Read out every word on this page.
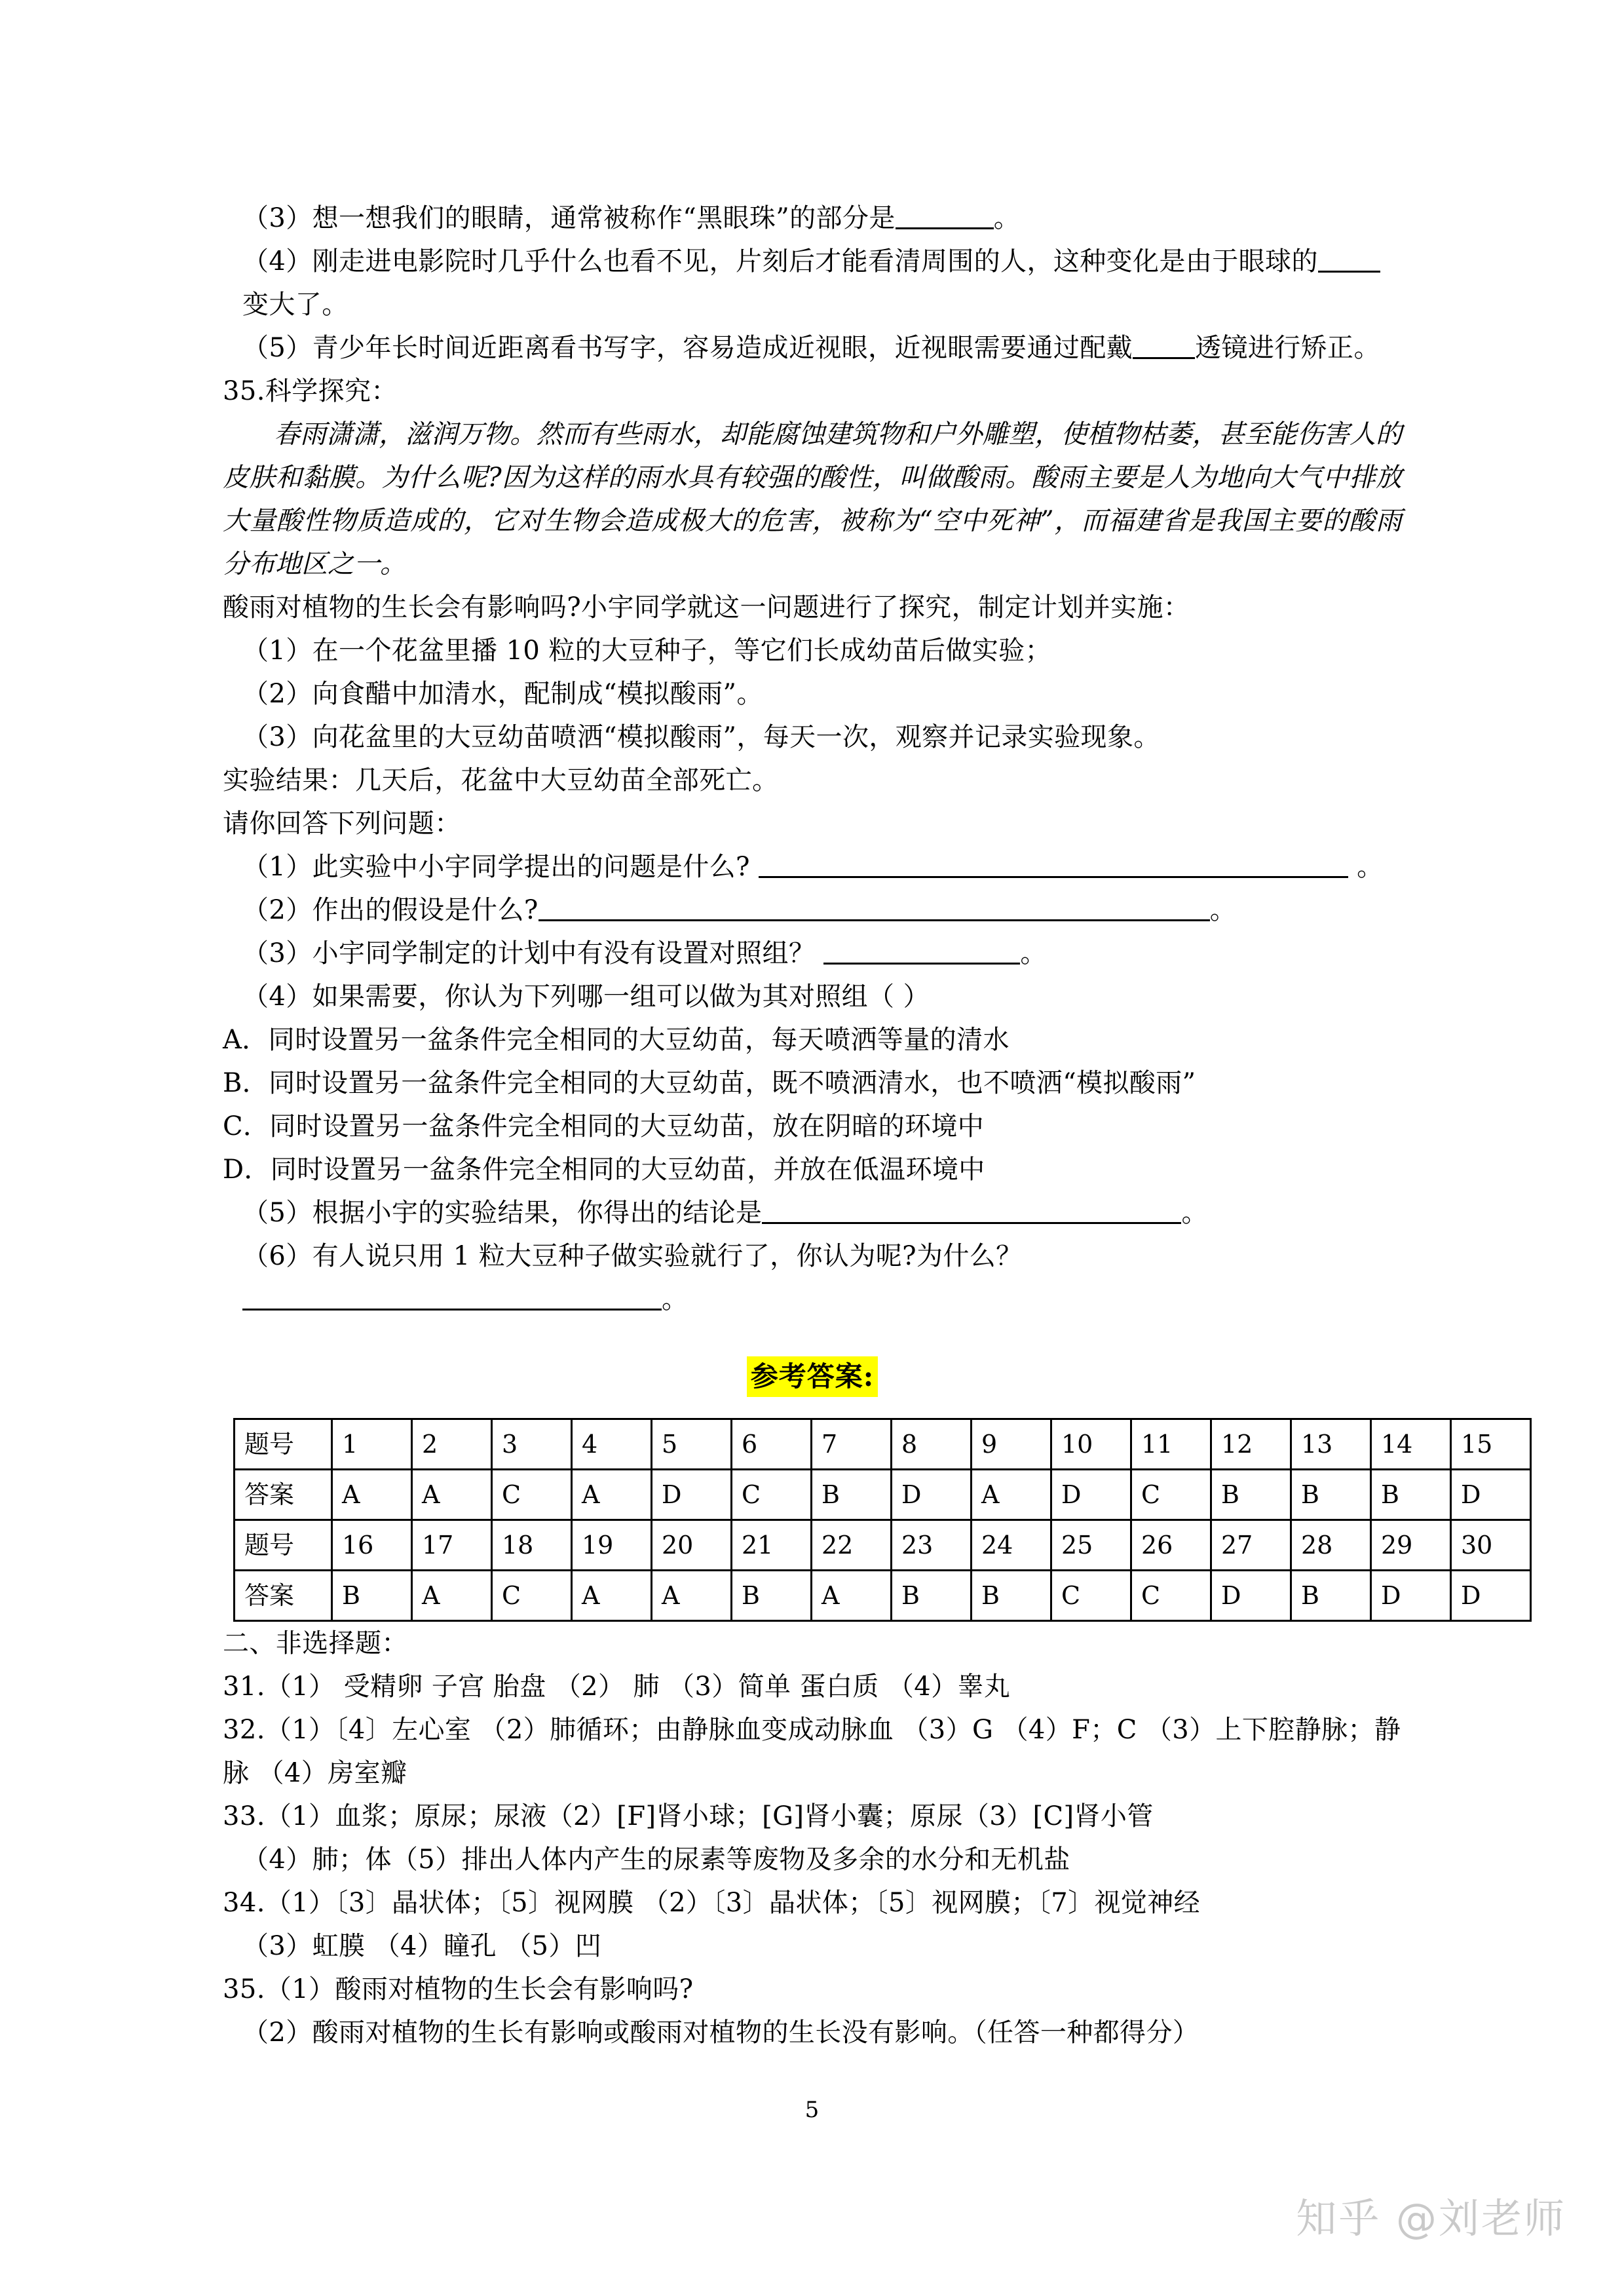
（3）想一想我们的眼睛，通常被称作“黑眼珠”的部分是	。
（4）刚走进电影院时几乎什么也看不见，片刻后才能看清周围的人，这种变化是由于眼球的变大了。
（5）青少年长时间近距离看书写字，容易造成近视眼，近视眼需要通过配戴 透镜进行矫正。
35.科学探究：
春雨潇潇，滋润万物。然而有些雨水，却能腐蚀建筑物和户外雕塑，使植物枯萎，甚至能伤害人的皮肤和黏膜。为什么呢?因为这样的雨水具有较强的酸性，叫做酸雨。酸雨主要是人为地向大气中排放大量酸性物质造成的，它对生物会造成极大的危害，被称为“空中死神”，而福建省是我国主要的酸雨分布地区之一。
酸雨对植物的生长会有影响吗?小宇同学就这一问题进行了探究，制定计划并实施：
（1）在一个花盆里播 10 粒的大豆种子，等它们长成幼苗后做实验；
（2）向食醋中加清水，配制成“模拟酸雨”。
（3）向花盆里的大豆幼苗喷洒“模拟酸雨”，每天一次，观察并记录实验现象。
实验结果：几天后，花盆中大豆幼苗全部死亡。
请你回答下列问题：
（1）此实验中小宇同学提出的问题是什么?	。
（2）作出的假设是什么?	。
（3）小宇同学制定的计划中有没有设置对照组？	。
（4）如果需要，你认为下列哪一组可以做为其对照组（ ）
A．同时设置另一盆条件完全相同的大豆幼苗，每天喷洒等量的清水
B．同时设置另一盆条件完全相同的大豆幼苗，既不喷洒清水，也不喷洒“模拟酸雨”
C．同时设置另一盆条件完全相同的大豆幼苗，放在阴暗的环境中
D．同时设置另一盆条件完全相同的大豆幼苗，并放在低温环境中
（5）根据小宇的实验结果，你得出的结论是	。
（6）有人说只用 1 粒大豆种子做实验就行了，你认为呢?为什么？ 。
参考答案:
题号	1	2	3	4	5	6	7	8	9	10	11	12	13	14	15
答案	A	A	C	A	D	C	B	D	A	D	C	B	B	B	D
题号	16	17	18	19	20	21	22	23	24	25	26	27	28	29	30
答案	B	A	C	A	A	B	A	B	B	C	C	D	B	D	D
二、非选择题：
31.（1） 受精卵 子宫 胎盘 （2） 肺 （3）简单 蛋白质 （4）睾丸
32.（1）〔4〕左心室 （2）肺循环；由静脉血变成动脉血 （3）G （4）F；C （3）上下腔静脉；静脉 （4）房室瓣
33.（1）血浆；原尿；尿液（2）[F]肾小球；[G]肾小囊；原尿（3）[C]肾小管
（4）肺；体（5）排出人体内产生的尿素等废物及多余的水分和无机盐
34.（1）〔3〕晶状体；〔5〕视网膜 （2）〔3〕晶状体；〔5〕视网膜；〔7〕视觉神经
（3）虹膜 （4）瞳孔 （5）凹
35.（1）酸雨对植物的生长会有影响吗?
（2）酸雨对植物的生长有影响或酸雨对植物的生长没有影响。（任答一种都得分）
5
知乎 @刘老师
